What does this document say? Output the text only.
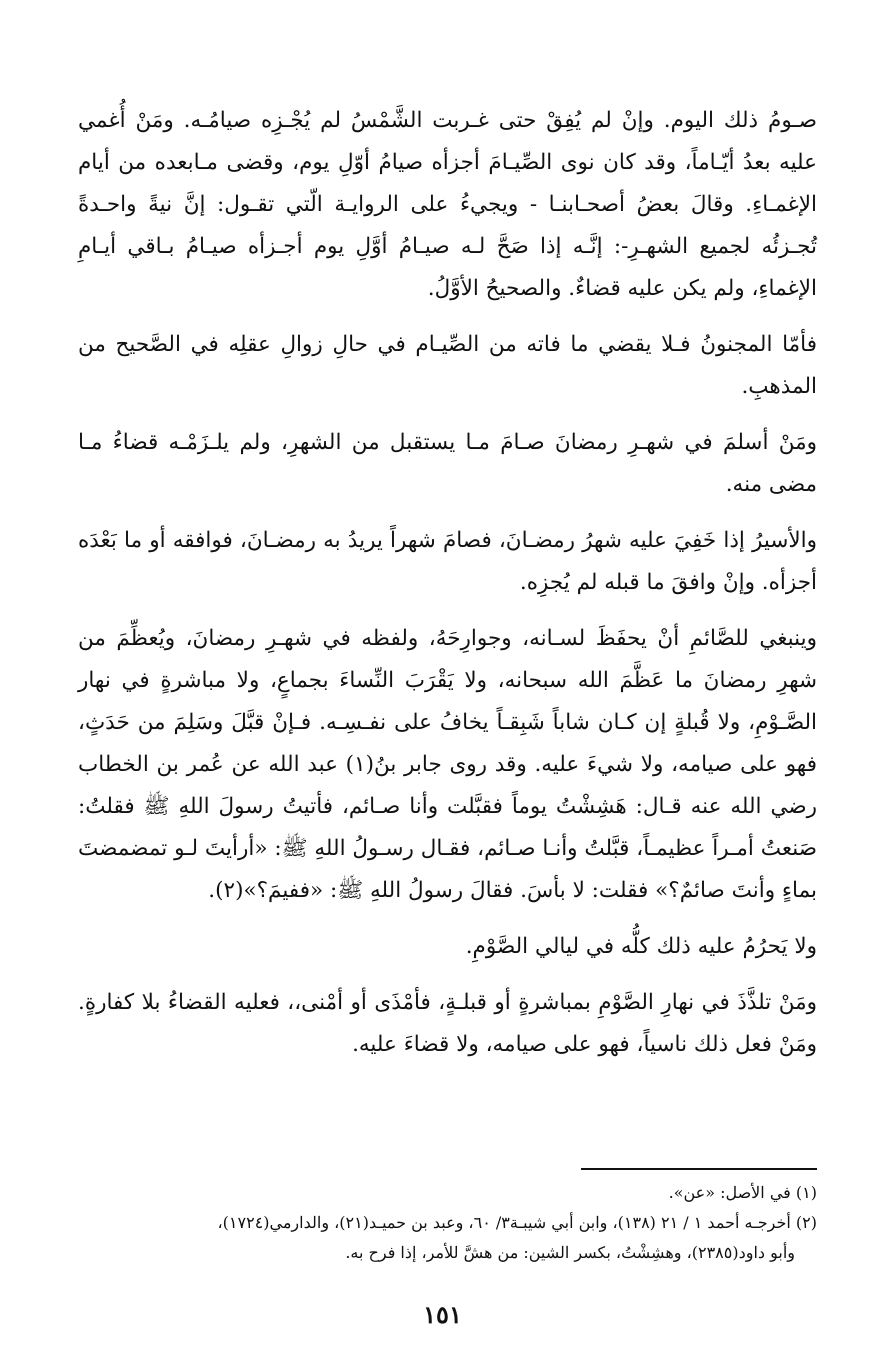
صـومُ ذلك اليوم. وإنْ لم يُفِقْ حتى غـربت الشَّمْسُ لم يُجْـزِه صيامُـه. ومَنْ أُغمي عليه بعدُ أيّـاماً، وقد كان نوى الصِّيـامَ أجزأه صيامُ أوّلِ يوم، وقضى مـابعده من أيام الإغمـاءِ. وقالَ بعضُ أصحـابنـا - ويجيءُ على الروايـة الّتي تقـول: إنَّ نيةً واحـدةً تُجـزئُه لجميع الشهـرِ-: إنَّـه إذا صَحَّ لـه صيـامُ أوَّلِ يوم أجـزأه صيـامُ بـاقي أيـامِ الإغماءِ، ولم يكن عليه قضاءٌ. والصحيحُ الأوَّلُ.

فأمّا المجنونُ فـلا يقضي ما فاته من الصِّيـام في حالِ زوالِ عقلِه في الصَّحيح من المذهبِ.

ومَنْ أسلمَ في شهـرِ رمضانَ صـامَ مـا يستقبل من الشهرِ، ولم يلـزَمْـه قضاءُ مـا مضى منه.

والأسيرُ إذا خَفِيَ عليه شهرُ رمضـانَ، فصامَ شهراً يريدُ به رمضـانَ، فوافقه أو ما بَعْدَه أجزأه. وإنْ وافقَ ما قبله لم يُجزِه.

وينبغي للصَّائمِ أنْ يحفَظَ لسـانه، وجوارِحَهُ، ولفظه في شهـرِ رمضانَ، ويُعظِّمَ من شهرِ رمضانَ ما عَظَّمَ الله سبحانه، ولا يَقْرَبَ النِّساءَ بجماعٍ، ولا مباشرةٍ في نهار الصَّـوْمِ، ولا قُبلةٍ إن كـان شاباً شَبِقـاً يخافُ على نفـسِـه. فـإنْ قبَّلَ وسَلِمَ من حَدَثٍ، فهو على صيامه، ولا شيءَ عليه. وقد روى جابر بنُ(١) عبد الله عن عُمر بن الخطاب رضي الله عنه قـال: هَشِشْتُ يوماً فقبَّلت وأنا صـائم، فأتيتُ رسولَ اللهِ ﷺ فقلتُ: صَنعتُ أمـراً عظيمـاً، قبَّلتُ وأنـا صـائم، فقـال رسـولُ اللهِ ﷺ: «أرأيتَ لـو تمضمضتَ بماءٍ وأنتَ صائمٌ؟» فقلت: لا بأسَ. فقالَ رسولُ اللهِ ﷺ: «ففيمَ؟»(٢).

ولا يَحرُمُ عليه ذلك كلُّه في ليالي الصَّوْمِ.

ومَنْ تلذَّذَ في نهارِ الصَّوْمِ بمباشرةٍ أو قبلـةٍ، فأمْذَى أو أمْنى،، فعليه القضاءُ بلا كفارةٍ. ومَنْ فعل ذلك ناسياً، فهو على صيامه، ولا قضاءَ عليه.

(١) في الأصل: «عن».

(٢) أخرجـه أحمد ١ / ٢١ (١٣٨)، وابن أبي شيبـة٣/ ٦٠، وعبد بن حميـد(٢١)، والدارمي(١٧٢٤)،

وأبو داود(٢٣٨٥)، وهشِشْتُ، بكسر الشين: من هشَّ للأمر، إذا فرح به.

١٥١
